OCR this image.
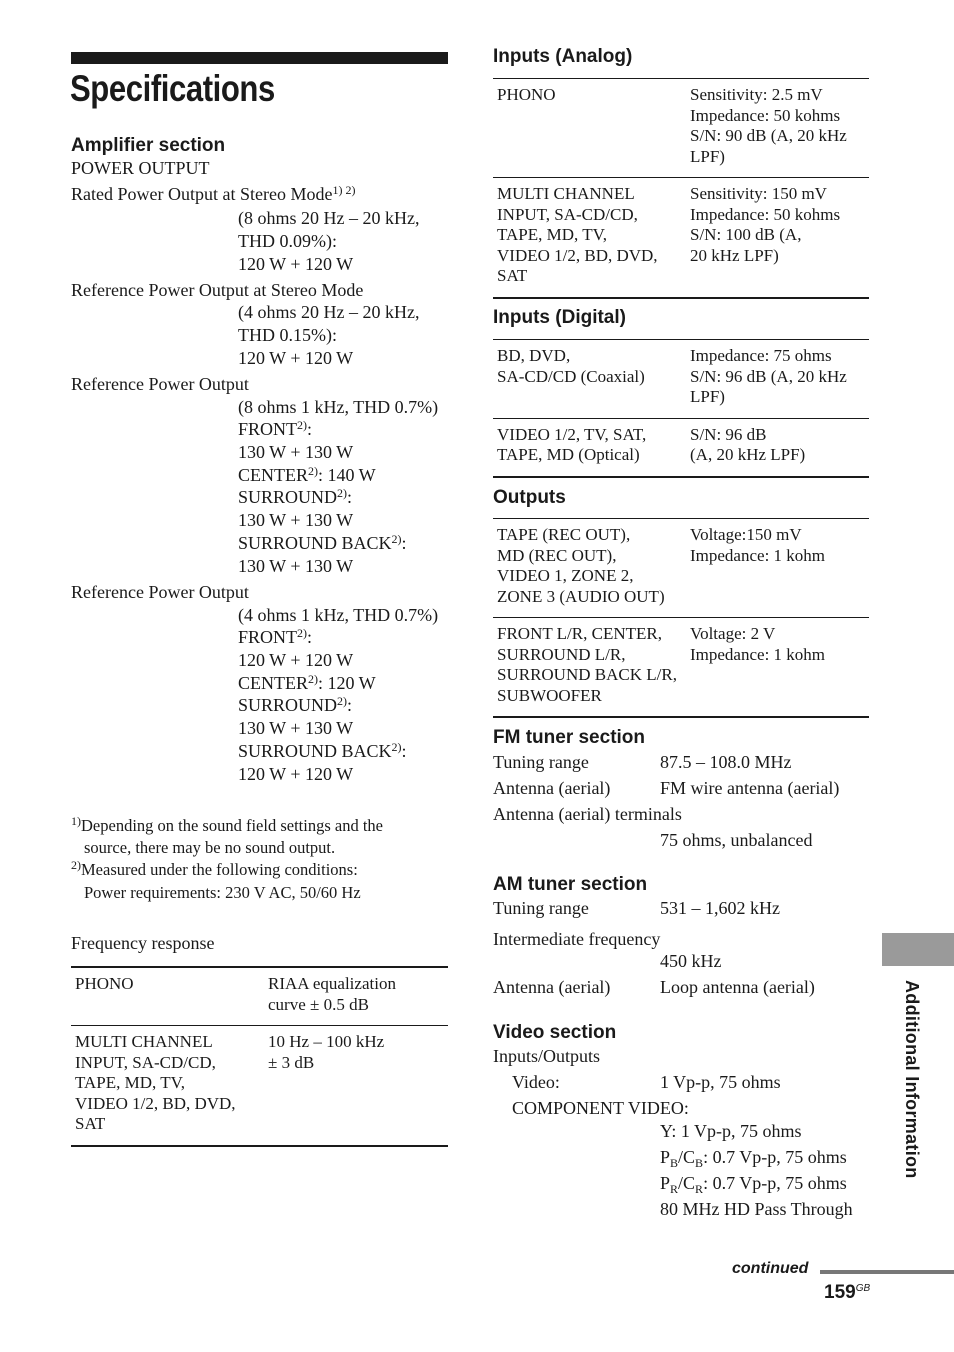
Specifications
Amplifier section
POWER OUTPUT
Rated Power Output at Stereo Mode$^{1) 2)}$
(8 ohms 20 Hz – 20 kHz,
THD 0.09%):
120 W + 120 W
Reference Power Output at Stereo Mode
(4 ohms 20 Hz – 20 kHz,
THD 0.15%):
120 W + 120 W
Reference Power Output
(8 ohms 1 kHz, THD 0.7%)
FRONT$^{2)}$:
130 W + 130 W
CENTER$^{2)}$: 140 W
SURROUND$^{2)}$:
130 W + 130 W
SURROUND BACK$^{2)}$:
130 W + 130 W
Reference Power Output
(4 ohms 1 kHz, THD 0.7%)
FRONT$^{2)}$:
120 W + 120 W
CENTER$^{2)}$: 120 W
SURROUND$^{2)}$:
130 W + 130 W
SURROUND BACK$^{2)}$:
120 W + 120 W
$^{1)}$Depending on the sound field settings and the
source, there may be no sound output.
$^{2)}$Measured under the following conditions:
Power requirements: 230 V AC, 50/60 Hz
Frequency response
PHONO	RIAA equalization
curve ± 0.5 dB
MULTI CHANNEL
INPUT, SA-CD/CD,
TAPE, MD, TV,
VIDEO 1/2, BD, DVD,
SAT	10 Hz – 100 kHz
± 3 dB
Inputs (Analog)
PHONO	Sensitivity: 2.5 mV
Impedance: 50 kohms
S/N: 90 dB (A, 20 kHz
LPF)
MULTI CHANNEL
INPUT, SA-CD/CD,
TAPE, MD, TV,
VIDEO 1/2, BD, DVD,
SAT	Sensitivity: 150 mV
Impedance: 50 kohms
S/N: 100 dB (A,
20 kHz LPF)
Inputs (Digital)
BD, DVD,
SA-CD/CD (Coaxial)	Impedance: 75 ohms
S/N: 96 dB (A, 20 kHz
LPF)
VIDEO 1/2, TV, SAT,
TAPE, MD (Optical)	S/N: 96 dB
(A, 20 kHz LPF)
Outputs
TAPE (REC OUT),
MD (REC OUT),
VIDEO 1, ZONE 2,
ZONE 3 (AUDIO OUT)	Voltage:150 mV
Impedance: 1 kohm
FRONT L/R, CENTER,
SURROUND L/R,
SURROUND BACK L/R,
SUBWOOFER	Voltage: 2 V
Impedance: 1 kohm
FM tuner section
Tuning range	87.5 – 108.0 MHz
Antenna (aerial)	FM wire antenna (aerial)
Antenna (aerial) terminals
75 ohms, unbalanced
AM tuner section
Tuning range	531 – 1,602 kHz
Intermediate frequency
450 kHz
Antenna (aerial)	Loop antenna (aerial)
Video section
Inputs/Outputs
Video:	1 Vp-p, 75 ohms
COMPONENT VIDEO:
Y: 1 Vp-p, 75 ohms
$P_B/C_B$: 0.7 Vp-p, 75 ohms
$P_R/C_R$: 0.7 Vp-p, 75 ohms
80 MHz HD Pass Through
Additional Information
continued
$159^{GB}$
